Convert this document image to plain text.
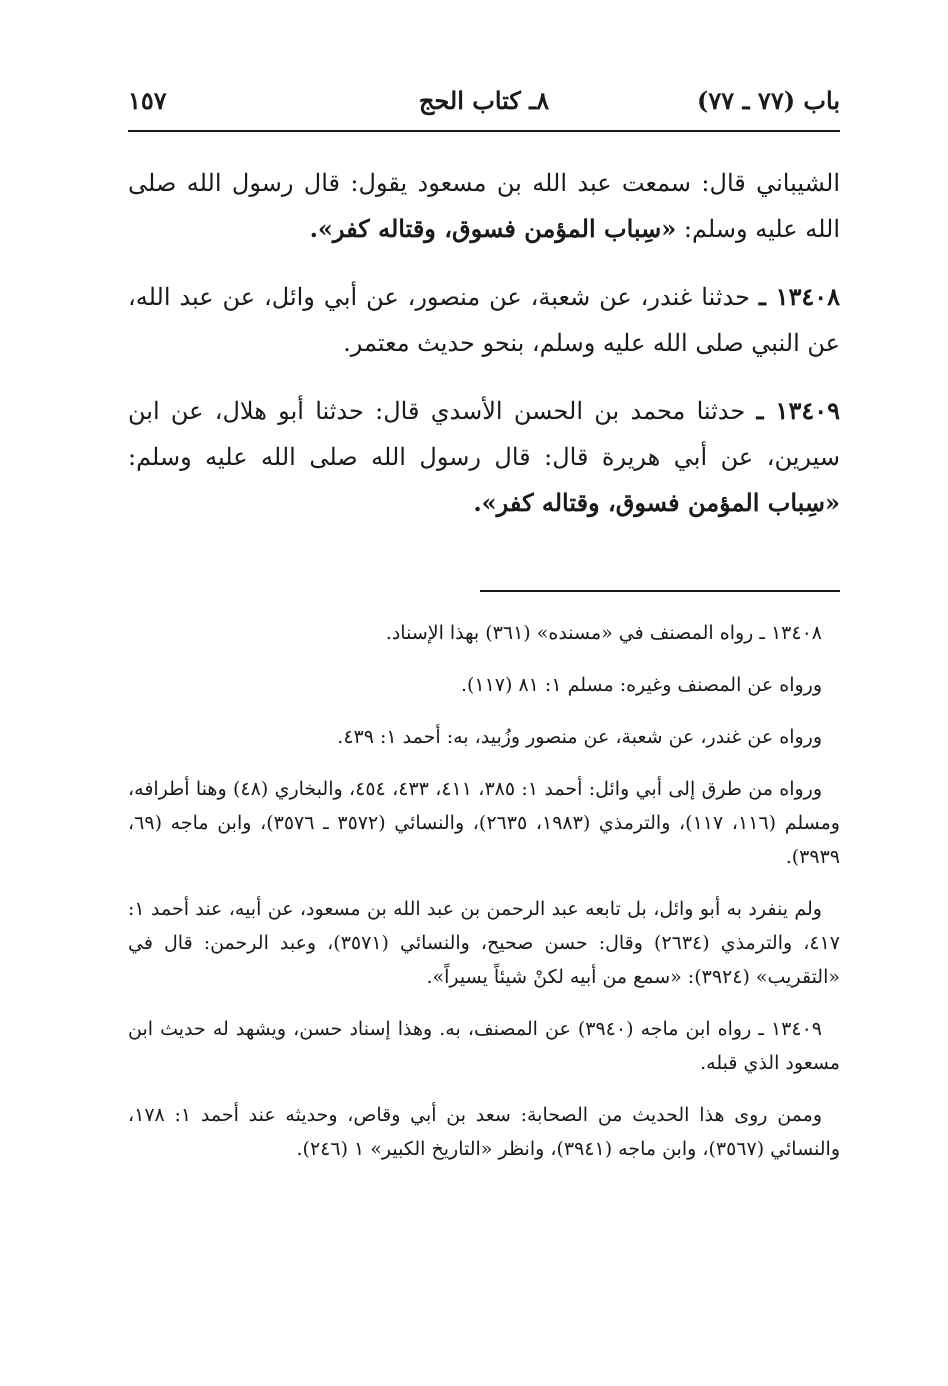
باب (٧٧ ـ ٧٧)
٨ـ كتاب الحج
١٥٧

الشيباني قال: سمعت عبد الله بن مسعود يقول: قال رسول الله صلى الله عليه وسلم: «سِباب المؤمن فسوق، وقتاله كفر».

١٣٤٠٨ ـ حدثنا غندر، عن شعبة، عن منصور، عن أبي وائل، عن عبد الله، عن النبي صلى الله عليه وسلم، بنحو حديث معتمر.

١٣٤٠٩ ـ حدثنا محمد بن الحسن الأسدي قال: حدثنا أبو هلال، عن ابن سيرين، عن أبي هريرة قال: قال رسول الله صلى الله عليه وسلم: «سِباب المؤمن فسوق، وقتاله كفر».

١٣٤٠٨ ـ رواه المصنف في «مسنده» (٣٦١) بهذا الإسناد.

ورواه عن المصنف وغيره: مسلم ١: ٨١ (١١٧).

ورواه عن غندر، عن شعبة، عن منصور وزُبيد، به: أحمد ١: ٤٣٩.

ورواه من طرق إلى أبي وائل: أحمد ١: ٣٨٥، ٤١١، ٤٣٣، ٤٥٤، والبخاري (٤٨) وهنا أطرافه، ومسلم (١١٦، ١١٧)، والترمذي (١٩٨٣، ٢٦٣٥)، والنسائي (٣٥٧٢ ـ ٣٥٧٦)، وابن ماجه (٦٩، ٣٩٣٩).

ولم ينفرد به أبو وائل، بل تابعه عبد الرحمن بن عبد الله بن مسعود، عن أبيه، عند أحمد ١: ٤١٧، والترمذي (٢٦٣٤) وقال: حسن صحيح، والنسائي (٣٥٧١)، وعبد الرحمن: قال في «التقريب» (٣٩٢٤): «سمع من أبيه لكنْ شيئاً يسيراً».

١٣٤٠٩ ـ رواه ابن ماجه (٣٩٤٠) عن المصنف، به. وهذا إسناد حسن، ويشهد له حديث ابن مسعود الذي قبله.

وممن روى هذا الحديث من الصحابة: سعد بن أبي وقاص، وحديثه عند أحمد ١: ١٧٨، والنسائي (٣٥٦٧)، وابن ماجه (٣٩٤١)، وانظر «التاريخ الكبير» ١ (٢٤٦).
